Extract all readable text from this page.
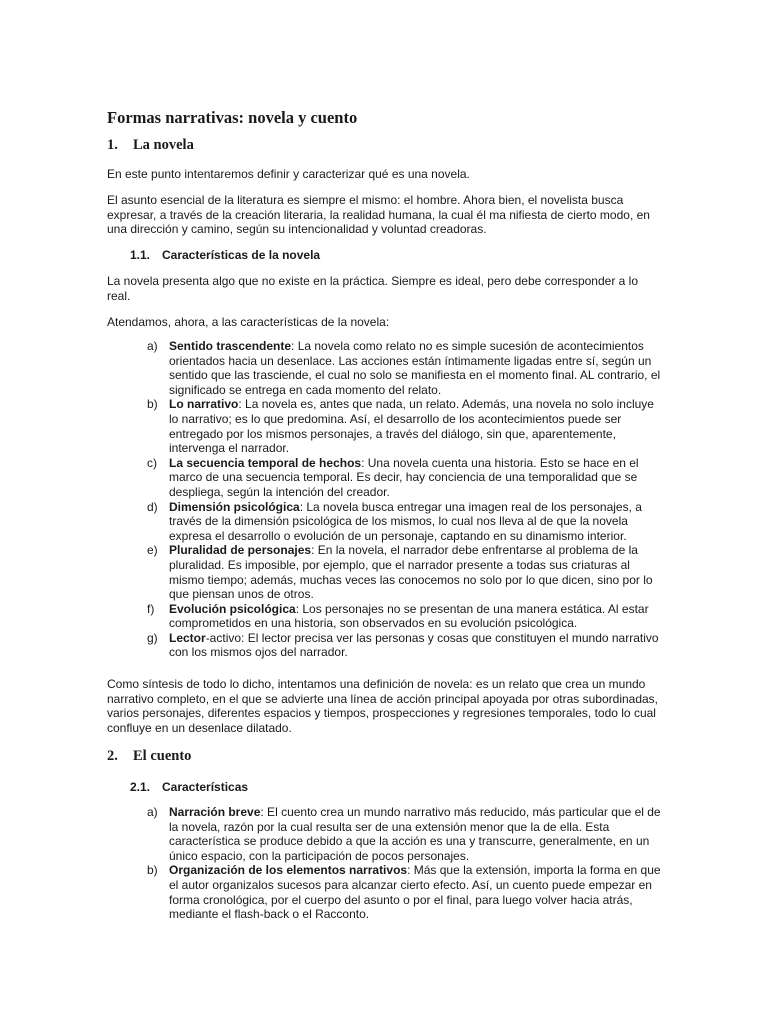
Formas narrativas: novela y cuento
1. La novela
En este punto intentaremos definir y caracterizar qué es una novela.
El asunto esencial de la literatura es siempre el mismo: el hombre. Ahora bien, el novelista busca expresar, a través de la creación literaria, la realidad humana, la cual él ma nifiesta de cierto modo, en una dirección y camino, según su intencionalidad y voluntad creadoras.
1.1. Características de la novela
La novela presenta algo que no existe en la práctica. Siempre es ideal, pero debe corresponder a lo real.
Atendamos, ahora, a las características de la novela:
a) Sentido trascendente: La novela como relato no es simple sucesión de acontecimientos orientados hacia un desenlace. Las acciones están íntimamente ligadas entre sí, según un sentido que las trasciende, el cual no solo se manifiesta en el momento final. AL contrario, el significado se entrega en cada momento del relato.
b) Lo narrativo: La novela es, antes que nada, un relato. Además, una novela no solo incluye lo narrativo; es lo que predomina. Así, el desarrollo de los acontecimientos puede ser entregado por los mismos personajes, a través del diálogo, sin que, aparentemente, intervenga el narrador.
c) La secuencia temporal de hechos: Una novela cuenta una historia. Esto se hace en el marco de una secuencia temporal. Es decir, hay conciencia de una temporalidad que se despliega, según la intención del creador.
d) Dimensión psicológica: La novela busca entregar una imagen real de los personajes, a través de la dimensión psicológica de los mismos, lo cual nos lleva al de que la novela expresa el desarrollo o evolución de un personaje, captando en su dinamismo interior.
e) Pluralidad de personajes: En la novela, el narrador debe enfrentarse al problema de la pluralidad. Es imposible, por ejemplo, que el narrador presente a todas sus criaturas al mismo tiempo; además, muchas veces las conocemos no solo por lo que dicen, sino por lo que piensan unos de otros.
f) Evolución psicológica: Los personajes no se presentan de una manera estática. Al estar comprometidos en una historia, son observados en su evolución psicológica.
g) Lector-activo: El lector precisa ver las personas y cosas que constituyen el mundo narrativo con los mismos ojos del narrador.
Como síntesis de todo lo dicho, intentamos una definición de novela: es un relato que crea un mundo narrativo completo, en el que se advierte una línea de acción principal apoyada por otras subordinadas, varios personajes, diferentes espacios y tiempos, prospecciones y regresiones temporales, todo lo cual confluye en un desenlace dilatado.
2. El cuento
2.1. Características
a) Narración breve: El cuento crea un mundo narrativo más reducido, más particular que el de la novela, razón por la cual resulta ser de una extensión menor que la de ella. Esta característica se produce debido a que la acción es una y transcurre, generalmente, en un único espacio, con la participación de pocos personajes.
b) Organización de los elementos narrativos: Más que la extensión, importa la forma en que el autor organizalos sucesos para alcanzar cierto efecto. Así, un cuento puede empezar en forma cronológica, por el cuerpo del asunto o por el final, para luego volver hacia atrás, mediante el flash-back o el Racconto.
